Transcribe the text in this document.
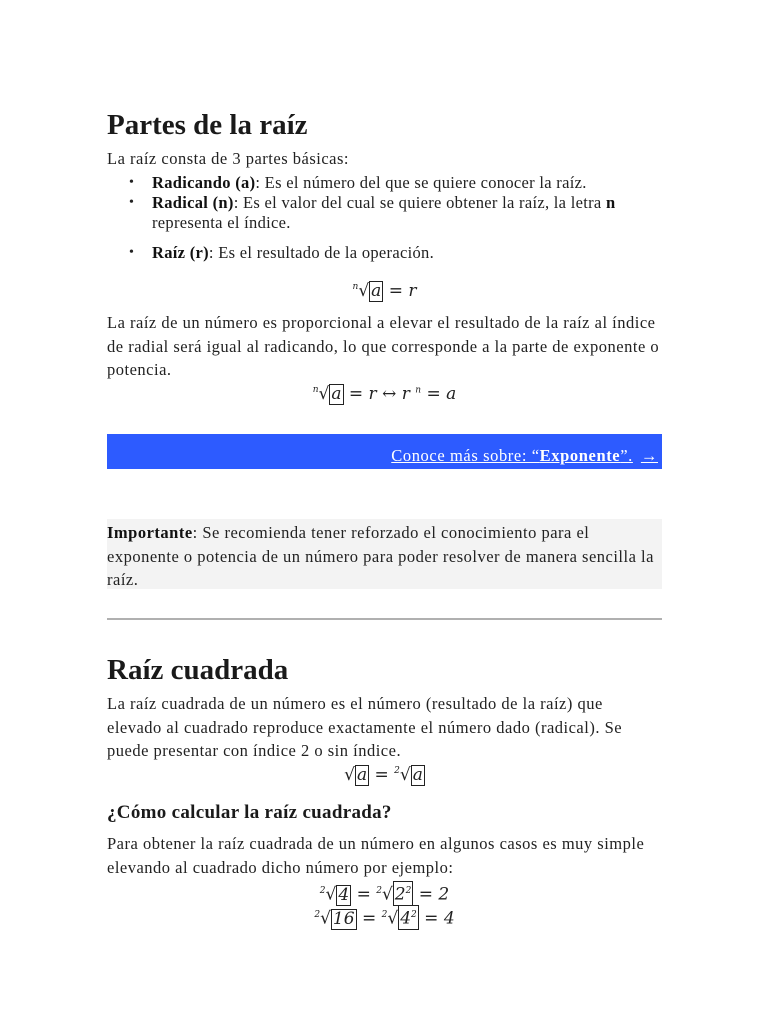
Partes de la raíz

La raíz consta de 3 partes básicas:

• Radicando (a): Es el número del que se quiere conocer la raíz.
• Radical (n): Es el valor del cual se quiere obtener la raíz, la letra n representa el índice.
• Raíz (r): Es el resultado de la operación.
$^n$√ a = r

La raíz de un número es proporcional a elevar el resultado de la raíz al índice de radial será igual al radicando, lo que corresponde a la parte de exponente o potencia.

$^n$√ a = r ↔ r $^n$ = a
Conoce más sobre: “Exponente”. →

Importante: Se recomienda tener reforzado el conocimiento para el exponente o potencia de un número para poder resolver de manera sencilla la raíz.

Raíz cuadrada

La raíz cuadrada de un número es el número (resultado de la raíz) que elevado al cuadrado reproduce exactamente el número dado (radical). Se puede presentar con índice 2 o sin índice.

√ a = $^2$√ a
¿Cómo calcular la raíz cuadrada?

Para obtener la raíz cuadrada de un número en algunos casos es muy simple elevando al cuadrado dicho número por ejemplo:

$^2$√ 4 = $^2$√ $2^2 = 2$
$^2$√ 16 = $^2$√ $4^2 = 4$
